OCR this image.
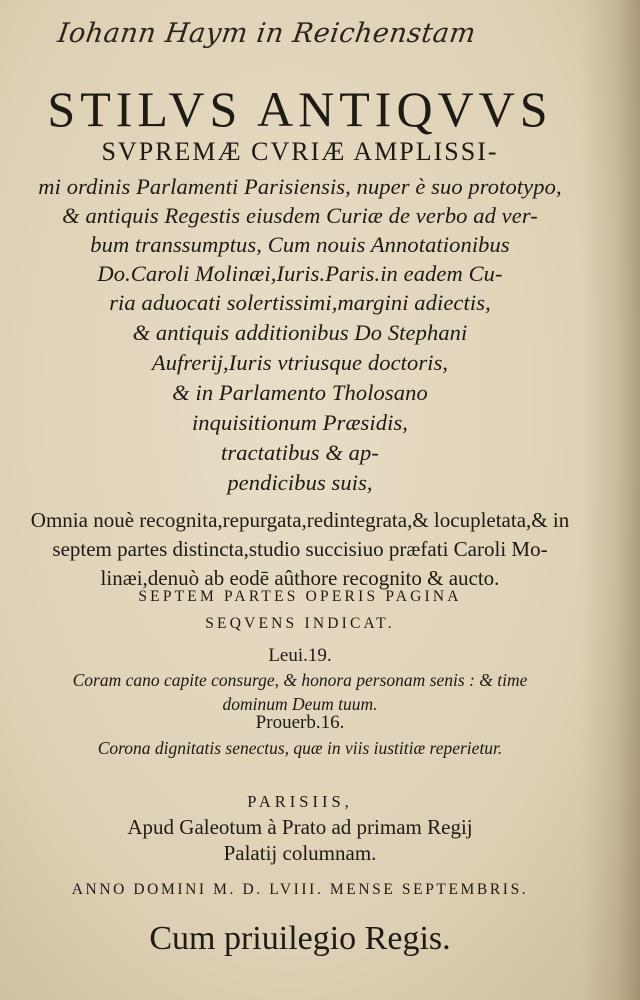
Iohann Haym in Reichenstam
STILVS ANTIQVVS
SVPREMÆ CVRIÆ AMPLISSI-
mi ordinis Parlamenti Parisiensis, nuper è suo prototypo,
& antiquis Regestis eiusdem Curiæ de verbo ad ver-
bum transsumptus, Cum nouis Annotationibus
Do.Caroli Molinæi,Iuris.Paris.in eadem Cu-
ria aduocati solertissimi,margini adiectis,
& antiquis additionibus Do Stephani
Aufrerij,Iuris vtriusque doctoris,
& in Parlamento Tholosano
inquisitionum Præsidis,
tractatibus & ap-
pendicibus suis,
Omnia nouè recognita,repurgata,redintegrata,& locupletata,& in
septem partes distincta,studio succisiuo præfati Caroli Mo-
linæi,denuò ab eodē aûthore recognito & aucto.
SEPTEM PARTES OPERIS PAGINA
SEQVENS INDICAT.
Leui.19.
Coram cano capite consurge, & honora personam senis : & time
dominum Deum tuum.
Prouerb.16.
Corona dignitatis senectus, quæ in viis iustitiæ reperietur.
PARISIIS,
Apud Galeotum à Prato ad primam Regij
Palatij columnam.
ANNO DOMINI M. D. LVIII. MENSE SEPTEMBRIS.
Cum priuilegio Regis.
